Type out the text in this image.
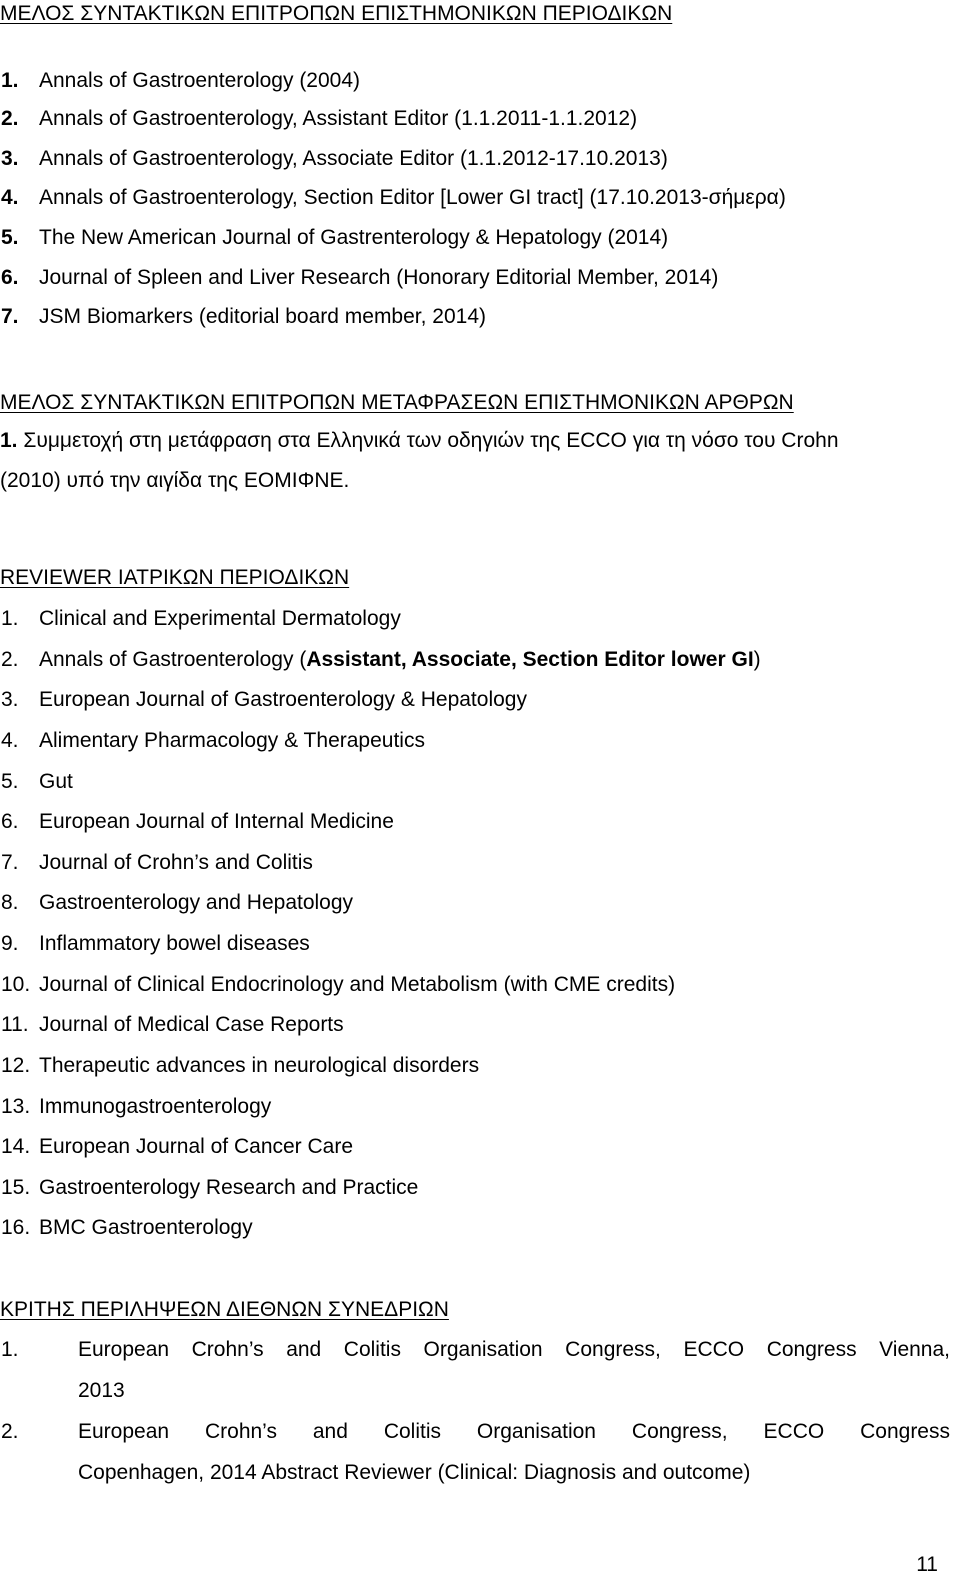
ΜΕΛΟΣ ΣΥΝΤΑΚΤΙΚΩΝ ΕΠΙΤΡΟΠΩΝ ΕΠΙΣΤΗΜΟΝΙΚΩΝ ΠΕΡΙΟΔΙΚΩΝ
1. Annals of Gastroenterology (2004)
2. Annals of Gastroenterology, Assistant Editor (1.1.2011-1.1.2012)
3. Annals of Gastroenterology, Associate Editor (1.1.2012-17.10.2013)
4. Annals of Gastroenterology, Section Editor [Lower GI tract] (17.10.2013-σήμερα)
5. The New American Journal of Gastrenterology & Hepatology (2014)
6. Journal of Spleen and Liver Research (Honorary Editorial Member, 2014)
7. JSM Biomarkers (editorial board member, 2014)
ΜΕΛΟΣ ΣΥΝΤΑΚΤΙΚΩΝ ΕΠΙΤΡΟΠΩΝ ΜΕΤΑΦΡΑΣΕΩΝ ΕΠΙΣΤΗΜΟΝΙΚΩΝ ΑΡΘΡΩΝ
1. Συμμετοχή στη μετάφραση στα Ελληνικά των οδηγιών της ECCO για τη νόσο του Crohn
(2010) υπό την αιγίδα της ΕΟΜΙΦΝΕ.
REVIEWER ΙΑΤΡΙΚΩΝ ΠΕΡΙΟΔΙΚΩΝ
1. Clinical and Experimental Dermatology
2. Annals of Gastroenterology (Assistant, Associate, Section Editor lower GI)
3. European Journal of Gastroenterology & Hepatology
4. Alimentary Pharmacology & Therapeutics
5. Gut
6. European Journal of Internal Medicine
7. Journal of Crohn’s and Colitis
8. Gastroenterology and Hepatology
9. Inflammatory bowel diseases
10. Journal of Clinical Endocrinology and Metabolism (with CME credits)
11. Journal of Medical Case Reports
12. Therapeutic advances in neurological disorders
13. Immunogastroenterology
14. European Journal of Cancer Care
15. Gastroenterology Research and Practice
16. BMC Gastroenterology
ΚΡΙΤΗΣ ΠΕΡΙΛΗΨΕΩΝ ΔΙΕΘΝΩΝ ΣΥΝΕΔΡΙΩΝ
1.	European Crohn’s and Colitis Organisation Congress, ECCO Congress Vienna,
2013
2.	European Crohn’s and Colitis Organisation Congress, ECCO Congress
Copenhagen, 2014 Abstract Reviewer (Clinical: Diagnosis and outcome)
11
